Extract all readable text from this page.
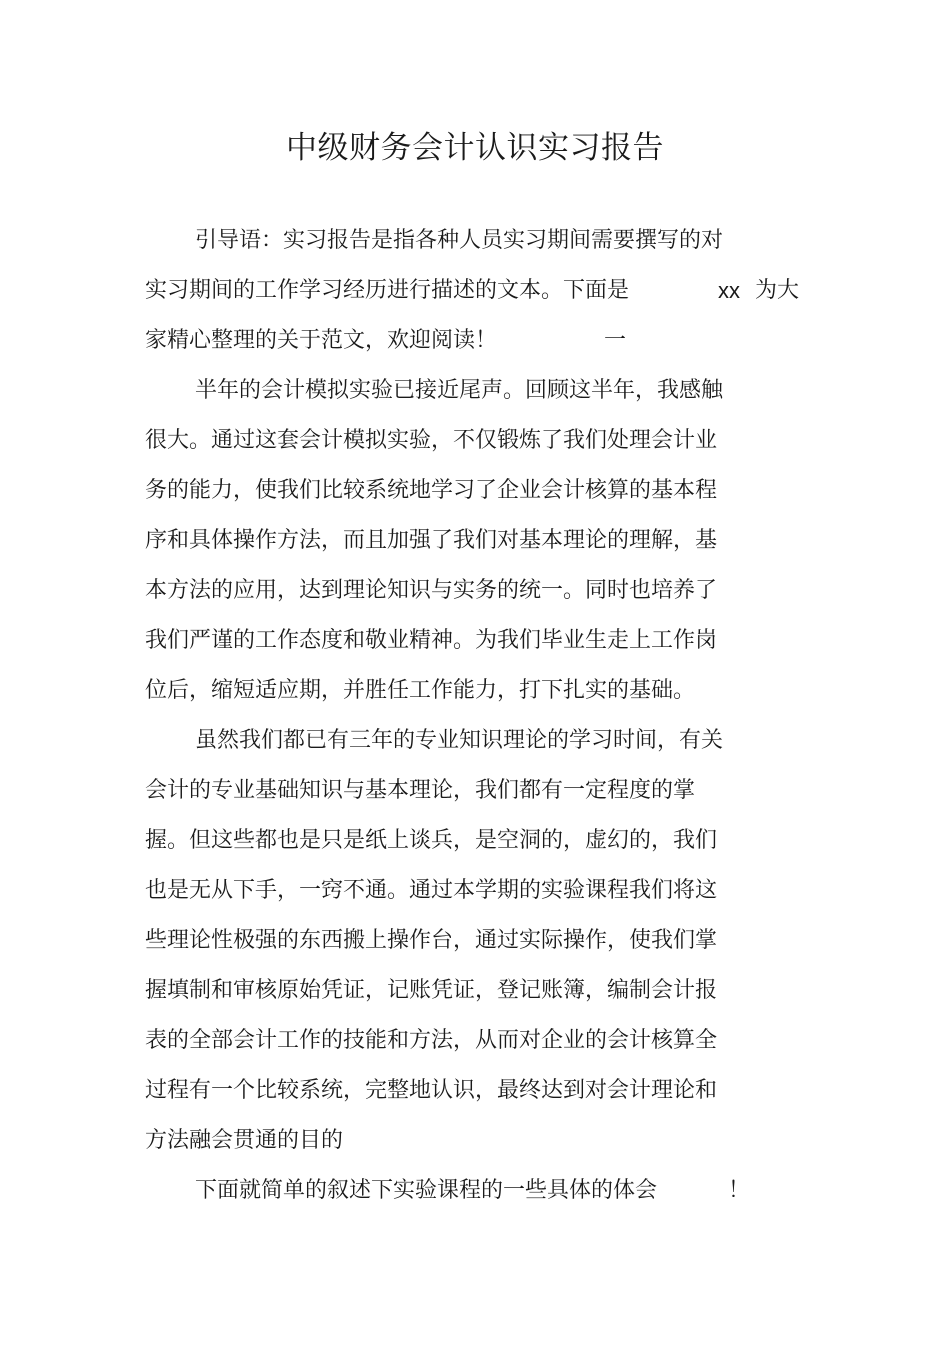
中级财务会计认识实习报告
引导语：实习报告是指各种人员实习期间需要撰写的对
实习期间的工作学习经历进行描述的文本。下面是	xx 为大
家精心整理的关于范文，欢迎阅读！	一
半年的会计模拟实验已接近尾声。回顾这半年，我感触
很大。通过这套会计模拟实验，不仅锻炼了我们处理会计业
务的能力，使我们比较系统地学习了企业会计核算的基本程
序和具体操作方法，而且加强了我们对基本理论的理解，基
本方法的应用，达到理论知识与实务的统一。同时也培养了
我们严谨的工作态度和敬业精神。为我们毕业生走上工作岗
位后，缩短适应期，并胜任工作能力，打下扎实的基础。
虽然我们都已有三年的专业知识理论的学习时间，有关
会计的专业基础知识与基本理论，我们都有一定程度的掌
握。但这些都也是只是纸上谈兵，是空洞的，虚幻的，我们
也是无从下手，一窍不通。通过本学期的实验课程我们将这
些理论性极强的东西搬上操作台，通过实际操作，使我们掌
握填制和审核原始凭证，记账凭证，登记账簿，编制会计报
表的全部会计工作的技能和方法，从而对企业的会计核算全
过程有一个比较系统，完整地认识，最终达到对会计理论和
方法融会贯通的目的
下面就简单的叙述下实验课程的一些具体的体会	！
